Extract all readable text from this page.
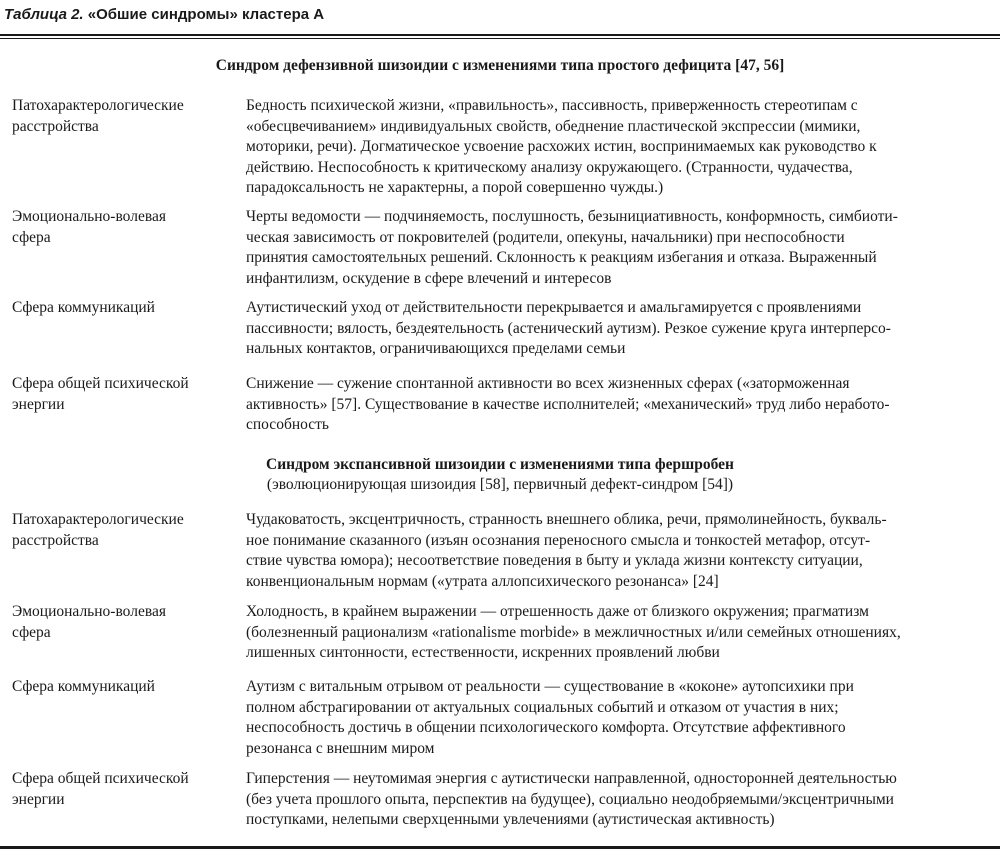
Таблица 2. «Обшие синдромы» кластера А
Синдром дефензивной шизоидии с изменениями типа простого дефицита [47, 56]
Патохарактерологические
расстройства
Бедность психической жизни, «правильность», пассивность, приверженность стереотипам с
«обесцвечиванием» индивидуальных свойств, обеднение пластической экспрессии (мимики,
моторики, речи). Догматическое усвоение расхожих истин, воспринимаемых как руководство к
действию. Неспособность к критическому анализу окружающего. (Странности, чудачества,
парадоксальность не характерны, а порой совершенно чужды.)
Эмоционально-волевая
сфера
Черты ведомости — подчиняемость, послушность, безынициативность, конформность, симбиоти-
ческая зависимость от покровителей (родители, опекуны, начальники) при неспособности
принятия самостоятельных решений. Склонность к реакциям избегания и отказа. Выраженный
инфантилизм, оскудение в сфере влечений и интересов
Сфера коммуникаций	Аутистический уход от действительности перекрывается и амальгамируется с проявлениями
пассивности; вялость, бездеятельность (астенический аутизм). Резкое сужение круга интерперсо-
нальных контактов, ограничивающихся пределами семьи
Сфера общей психической
энергии
Снижение — сужение спонтанной активности во всех жизненных сферах («заторможенная
активность» [57]. Существование в качестве исполнителей; «механический» труд либо неработо-
способность
Синдром экспансивной шизоидии с изменениями типа фершробен
(эволюционирующая шизоидия [58], первичный дефект-синдром [54])
Патохарактерологические
расстройства
Чудаковатость, эксцентричность, странность внешнего облика, речи, прямолинейность, букваль-
ное понимание сказанного (изъян осознания переносного смысла и тонкостей метафор, отсут-
ствие чувства юмора); несоответствие поведения в быту и уклада жизни контексту ситуации,
конвенциональным нормам («утрата аллопсихического резонанса» [24]
Эмоционально-волевая
сфера
Холодность, в крайнем выражении — отрешенность даже от близкого окружения; прагматизм
(болезненный рационализм «rationalisme morbide» в межличностных и/или семейных отношениях,
лишенных синтонности, естественности, искренних проявлений любви
Сфера коммуникаций	Аутизм с витальным отрывом от реальности — существование в «коконе» аутопсихики при
полном абстрагировании от актуальных социальных событий и отказом от участия в них;
неспособность достичь в общении психологического комфорта. Отсутствие аффективного
резонанса с внешним миром
Сфера общей психической
энергии
Гиперстения — неутомимая энергия с аутистически направленной, односторонней деятельностью
(без учета прошлого опыта, перспектив на будущее), социально неодобряемыми/эксцентричными
поступками, нелепыми сверхценными увлечениями (аутистическая активность)
